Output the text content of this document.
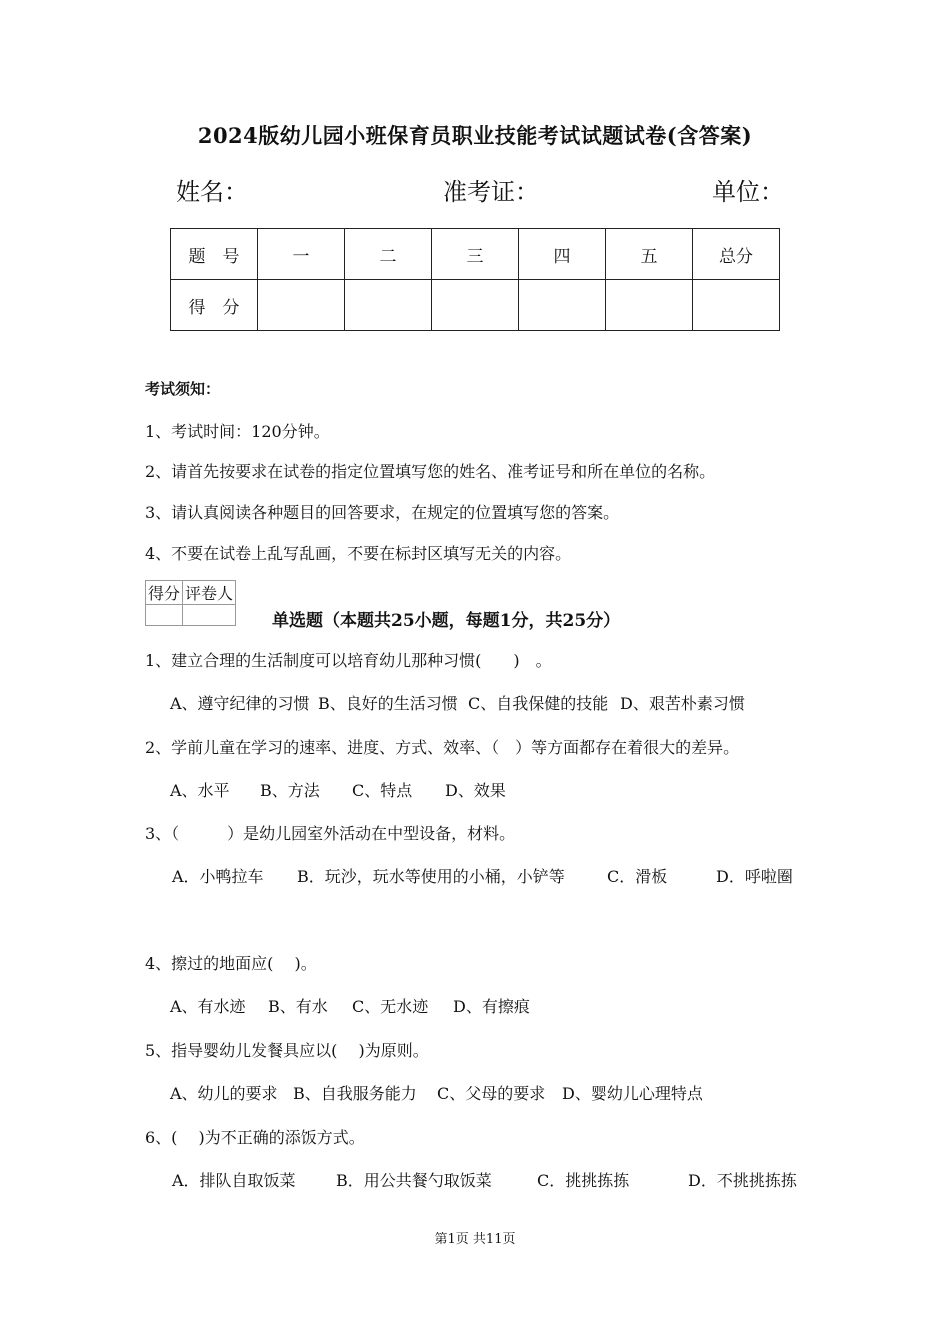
2024版幼儿园小班保育员职业技能考试试题试卷(含答案)
姓名：	准考证：	单位：
题　号	一	二	三	四	五	总分
得　分						
考试须知：
1、考试时间：120分钟。
2、请首先按要求在试卷的指定位置填写您的姓名、准考证号和所在单位的名称。
3、请认真阅读各种题目的回答要求，在规定的位置填写您的答案。
4、不要在试卷上乱写乱画，不要在标封区填写无关的内容。
得分	评卷人

单选题（本题共25小题，每题1分，共25分）
1、建立合理的生活制度可以培育幼儿那种习惯(　　)　。
A、遵守纪律的习惯 B、良好的生活习惯 C、自我保健的技能 D、艰苦朴素习惯
2、学前儿童在学习的速率、进度、方式、效率、（　）等方面都存在着很大的差异。
A、水平 B、方法 C、特点 D、效果
3、（　　　）是幼儿园室外活动在中型设备，材料。
A．小鸭拉车 B．玩沙，玩水等使用的小桶，小铲等	C．滑板	D．呼啦圈
4、擦过的地面应(　 )。
A、有水迹 B、有水 C、无水迹 D、有擦痕
5、指导婴幼儿发餐具应以(　 )为原则。
A、幼儿的要求 B、自我服务能力 C、父母的要求 D、婴幼儿心理特点
6、(　 )为不正确的添饭方式。
A．排队自取饭菜	B．用公共餐勺取饭菜	C．挑挑拣拣	D．不挑挑拣拣
第1页 共11页
